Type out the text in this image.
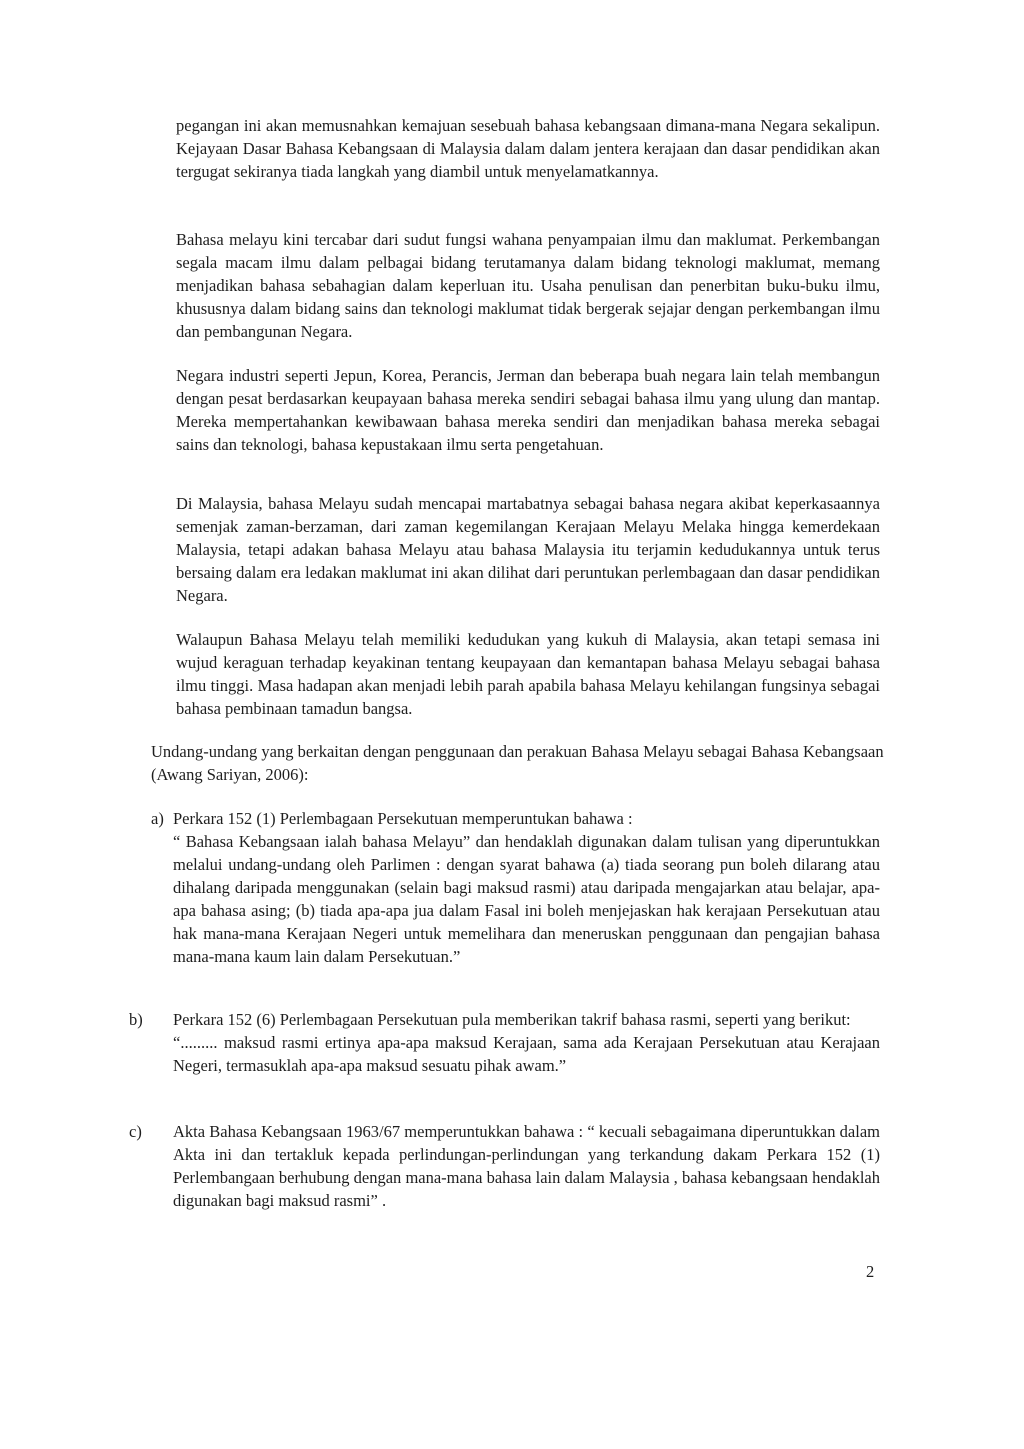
pegangan ini akan memusnahkan kemajuan sesebuah bahasa kebangsaan dimana-mana Negara sekalipun. Kejayaan Dasar Bahasa Kebangsaan di Malaysia dalam dalam jentera kerajaan dan dasar pendidikan akan tergugat sekiranya tiada langkah yang diambil untuk menyelamatkannya.

Bahasa melayu kini tercabar dari sudut fungsi wahana penyampaian ilmu dan maklumat. Perkembangan segala macam ilmu dalam pelbagai bidang terutamanya dalam bidang teknologi maklumat, memang menjadikan bahasa sebahagian dalam keperluan itu. Usaha penulisan dan penerbitan buku-buku ilmu, khususnya dalam bidang sains dan teknologi maklumat tidak bergerak sejajar dengan perkembangan ilmu dan pembangunan Negara.

Negara industri seperti Jepun, Korea, Perancis, Jerman dan beberapa buah negara lain telah membangun dengan pesat berdasarkan keupayaan bahasa mereka sendiri sebagai bahasa ilmu yang ulung dan mantap. Mereka mempertahankan kewibawaan bahasa mereka sendiri dan menjadikan bahasa mereka sebagai sains dan teknologi, bahasa kepustakaan ilmu serta pengetahuan.

Di Malaysia, bahasa Melayu sudah mencapai martabatnya sebagai bahasa negara akibat keperkasaannya semenjak zaman-berzaman, dari zaman kegemilangan Kerajaan Melayu Melaka hingga kemerdekaan Malaysia, tetapi adakan bahasa Melayu atau bahasa Malaysia itu terjamin kedudukannya untuk terus bersaing dalam era ledakan maklumat ini akan dilihat dari peruntukan perlembagaan dan dasar pendidikan Negara.

Walaupun Bahasa Melayu telah memiliki kedudukan yang kukuh di Malaysia, akan tetapi semasa ini wujud keraguan terhadap keyakinan tentang keupayaan dan kemantapan bahasa Melayu sebagai bahasa ilmu tinggi. Masa hadapan akan menjadi lebih parah apabila bahasa Melayu kehilangan fungsinya sebagai bahasa pembinaan tamadun bangsa.

Undang-undang yang berkaitan dengan penggunaan dan perakuan Bahasa Melayu sebagai Bahasa Kebangsaan (Awang Sariyan, 2006):

a) Perkara 152 (1) Perlembagaan Persekutuan memperuntukan bahawa :
“ Bahasa Kebangsaan ialah bahasa Melayu” dan hendaklah digunakan dalam tulisan yang diperuntukkan melalui undang-undang oleh Parlimen : dengan syarat bahawa (a) tiada seorang pun boleh dilarang atau dihalang daripada menggunakan (selain bagi maksud rasmi) atau daripada mengajarkan atau belajar, apa-apa bahasa asing; (b) tiada apa-apa jua dalam Fasal ini boleh menjejaskan hak kerajaan Persekutuan atau hak mana-mana Kerajaan Negeri untuk memelihara dan meneruskan penggunaan dan pengajian bahasa mana-mana kaum lain dalam Persekutuan.”
b) Perkara 152 (6) Perlembagaan Persekutuan pula memberikan takrif bahasa rasmi, seperti yang berikut:
“......... maksud rasmi ertinya apa-apa maksud Kerajaan, sama ada Kerajaan Persekutuan atau Kerajaan Negeri, termasuklah apa-apa maksud sesuatu pihak awam.”
c) Akta Bahasa Kebangsaan 1963/67 memperuntukkan bahawa : “ kecuali sebagaimana diperuntukkan dalam Akta ini dan tertakluk kepada perlindungan-perlindungan yang terkandung dakam Perkara 152 (1) Perlembangaan berhubung dengan mana-mana bahasa lain dalam Malaysia , bahasa kebangsaan hendaklah digunakan bagi maksud rasmi” .
2
